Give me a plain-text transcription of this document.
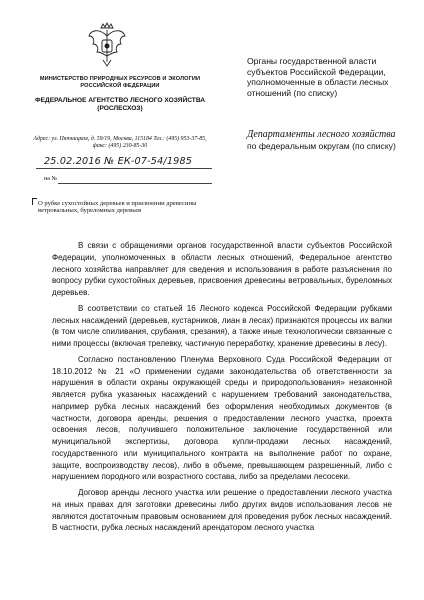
МИНИСТЕРСТВО ПРИРОДНЫХ РЕСУРСОВ И ЭКОЛОГИИ РОССИЙСКОЙ ФЕДЕРАЦИИ
ФЕДЕРАЛЬНОЕ АГЕНТСТВО ЛЕСНОГО ХОЗЯЙСТВА (РОСЛЕСХОЗ)
Адрес: ул. Пятницкая, д. 59/19, Москва, 115184 Тел.: (495) 953-37-85, факс: (495) 230-85-30
25.02.2016 № ЕК-07-54/1985
на №
О рубке сухостойных деревьев и присвоении древесины ветровальных, буреломных деревьев
Органы государственной власти субъектов Российской Федерации, уполномоченные в области лесных отношений (по списку)
Департаменты лесного хозяйства
по федеральным округам (по списку)

В связи с обращениями органов государственной власти субъектов Российской Федерации, уполномоченных в области лесных отношений, Федеральное агентство лесного хозяйства направляет для сведения и использования в работе разъяснения по вопросу рубки сухостойных деревьев, присвоения древесины ветровальных, буреломных деревьев.

В соответствии со статьей 16 Лесного кодекса Российской Федерации рубками лесных насаждений (деревьев, кустарников, лиан в лесах) признаются процессы их валки (в том числе спиливания, срубания, срезания), а также иные технологически связанные с ними процессы (включая трелевку, частичную переработку, хранение древесины в лесу).

Согласно постановлению Пленума Верховного Суда Российской Федерации от 18.10.2012 № 21 «О применении судами законодательства об ответственности за нарушения в области охраны окружающей среды и природопользования» незаконной является рубка указанных насаждений с нарушением требований законодательства, например рубка лесных насаждений без оформления необходимых документов (в частности, договора аренды, решения о предоставлении лесного участка, проекта освоения лесов, получившего положительное заключение государственной или муниципальной экспертизы, договора купли-продажи лесных насаждений, государственного или муниципального контракта на выполнение работ по охране, защите, воспроизводству лесов), либо в объеме, превышающем разрешенный, либо с нарушением породного или возрастного состава, либо за пределами лесосеки.

Договор аренды лесного участка или решение о предоставлении лесного участка на иных правах для заготовки древесины либо других видов использования лесов не являются достаточным правовым основанием для проведения рубок лесных насаждений. В частности, рубка лесных насаждений арендатором лесного участка
